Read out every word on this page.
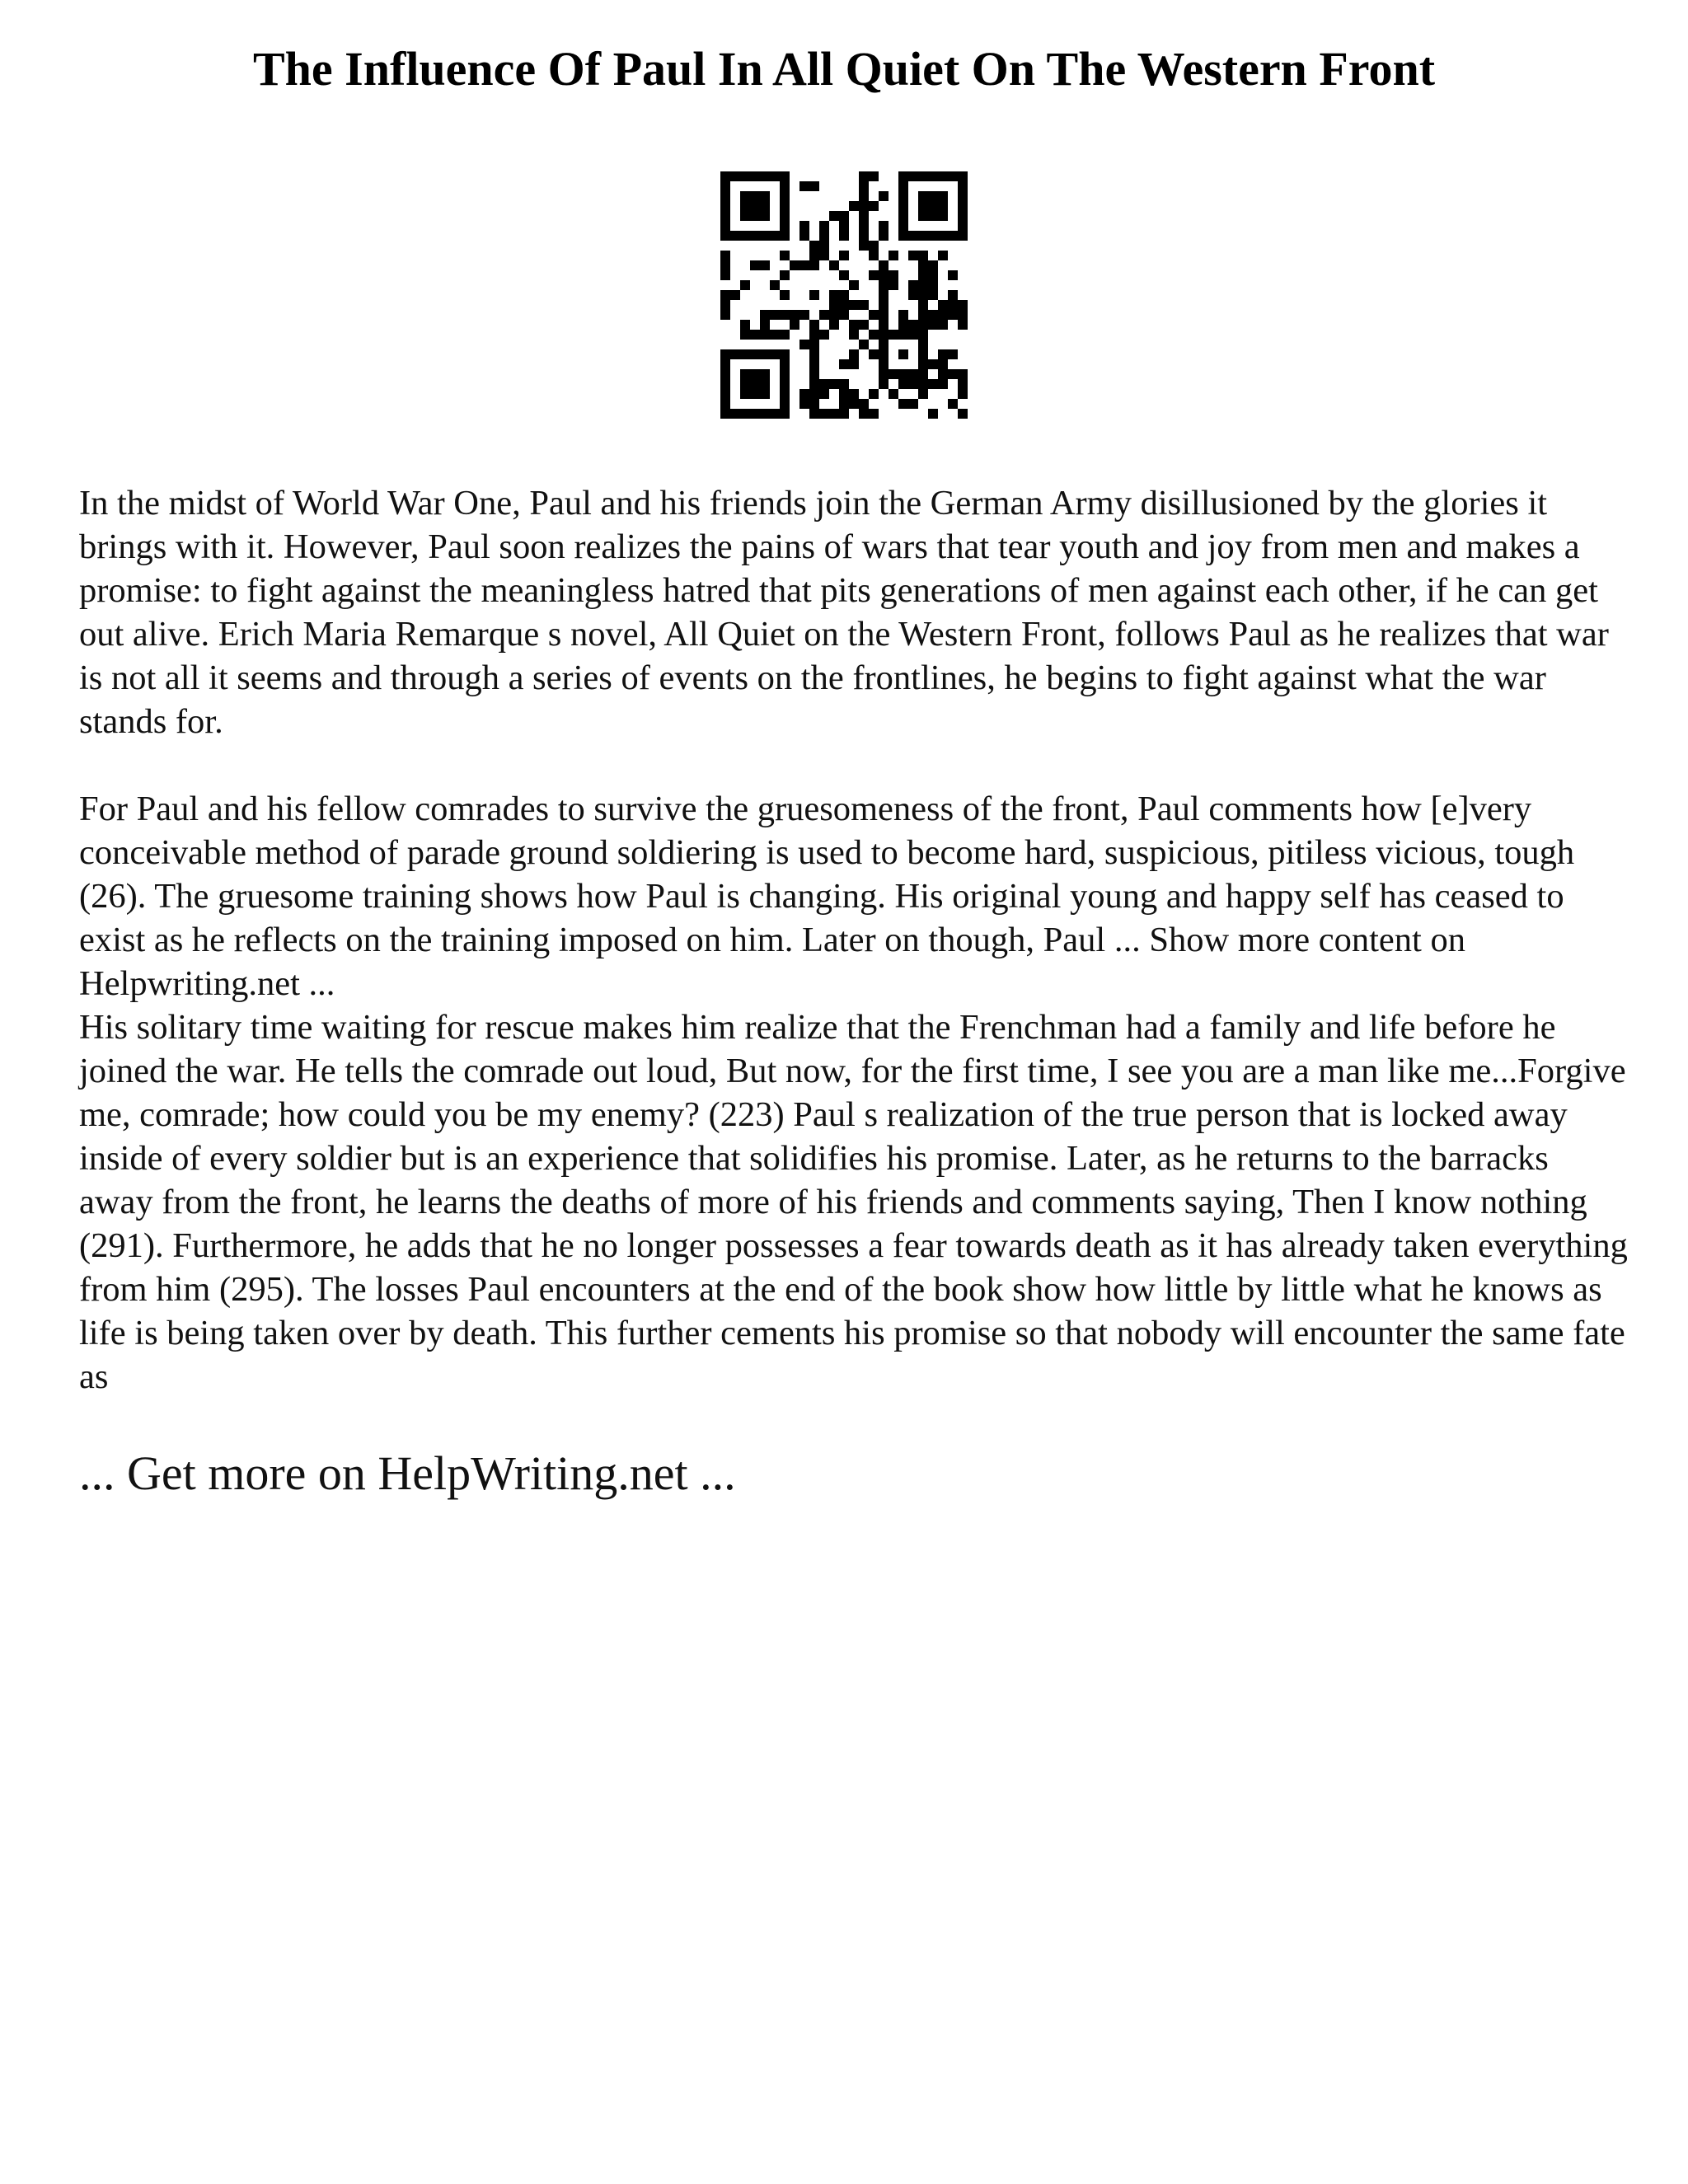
The Influence Of Paul In All Quiet On The Western Front

In the midst of World War One, Paul and his friends join the German Army disillusioned by the glories it brings with it. However, Paul soon realizes the pains of wars that tear youth and joy from men and makes a promise: to fight against the meaningless hatred that pits generations of men against each other, if he can get out alive. Erich Maria Remarque s novel, All Quiet on the Western Front, follows Paul as he realizes that war is not all it seems and through a series of events on the frontlines, he begins to fight against what the war stands for.

For Paul and his fellow comrades to survive the gruesomeness of the front, Paul comments how [e]very conceivable method of parade ground soldiering is used to become hard, suspicious, pitiless vicious, tough (26). The gruesome training shows how Paul is changing. His original young and happy self has ceased to exist as he reflects on the training imposed on him. Later on though, Paul ... Show more content on Helpwriting.net ...

His solitary time waiting for rescue makes him realize that the Frenchman had a family and life before he joined the war. He tells the comrade out loud, But now, for the first time, I see you are a man like me...Forgive me, comrade; how could you be my enemy? (223) Paul s realization of the true person that is locked away inside of every soldier but is an experience that solidifies his promise. Later, as he returns to the barracks away from the front, he learns the deaths of more of his friends and comments saying, Then I know nothing (291). Furthermore, he adds that he no longer possesses a fear towards death as it has already taken everything from him (295). The losses Paul encounters at the end of the book show how little by little what he knows as life is being taken over by death. This further cements his promise so that nobody will encounter the same fate as

... Get more on HelpWriting.net ...
